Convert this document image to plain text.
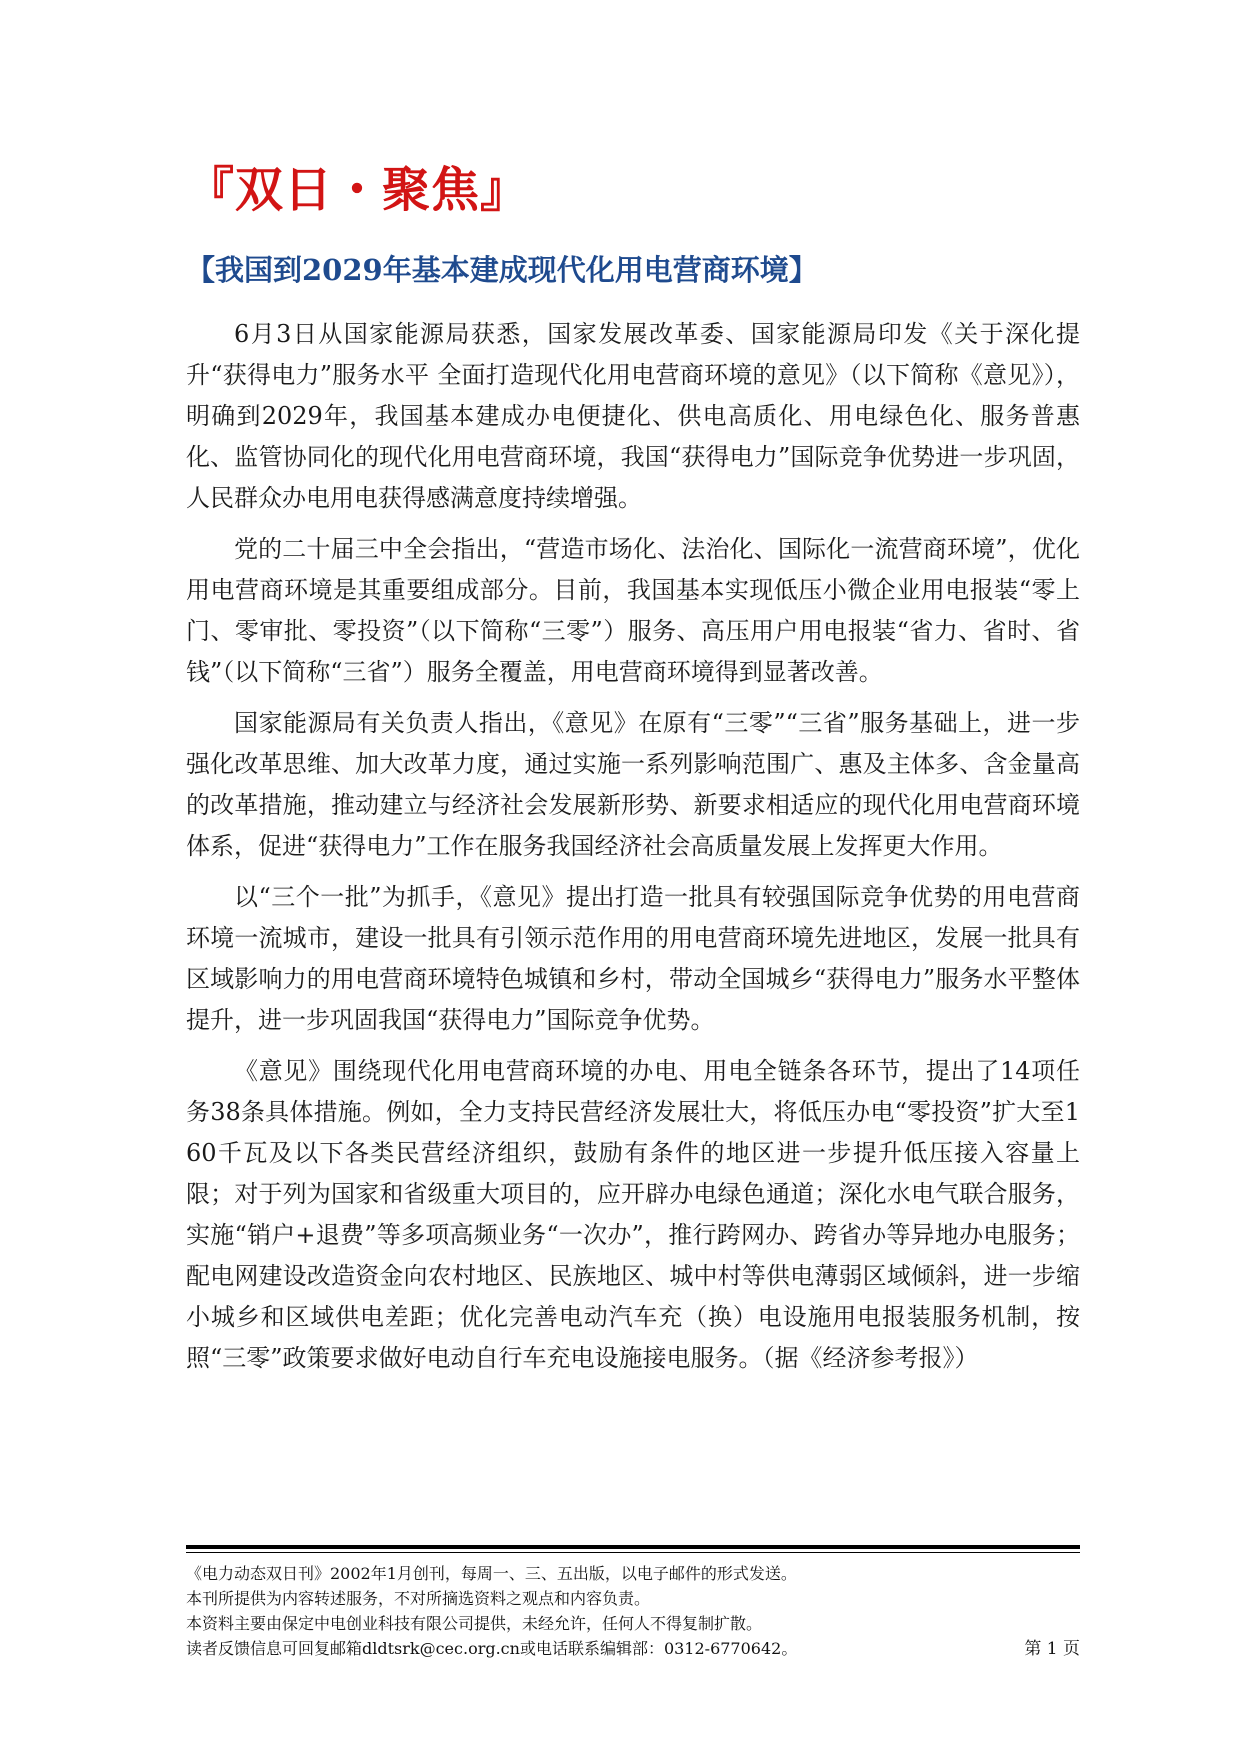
『双日・聚焦』
【我国到2029年基本建成现代化用电营商环境】

6月3日从国家能源局获悉，国家发展改革委、国家能源局印发《关于深化提升“获得电力”服务水平 全面打造现代化用电营商环境的意见》（以下简称《意见》），明确到2029年，我国基本建成办电便捷化、供电高质化、用电绿色化、服务普惠化、监管协同化的现代化用电营商环境，我国“获得电力”国际竞争优势进一步巩固，人民群众办电用电获得感满意度持续增强。

党的二十届三中全会指出，“营造市场化、法治化、国际化一流营商环境”，优化用电营商环境是其重要组成部分。目前，我国基本实现低压小微企业用电报装“零上门、零审批、零投资”（以下简称“三零”）服务、高压用户用电报装“省力、省时、省钱”（以下简称“三省”）服务全覆盖，用电营商环境得到显著改善。

国家能源局有关负责人指出，《意见》在原有“三零”“三省”服务基础上，进一步强化改革思维、加大改革力度，通过实施一系列影响范围广、惠及主体多、含金量高的改革措施，推动建立与经济社会发展新形势、新要求相适应的现代化用电营商环境体系，促进“获得电力”工作在服务我国经济社会高质量发展上发挥更大作用。

以“三个一批”为抓手，《意见》提出打造一批具有较强国际竞争优势的用电营商环境一流城市，建设一批具有引领示范作用的用电营商环境先进地区，发展一批具有区域影响力的用电营商环境特色城镇和乡村，带动全国城乡“获得电力”服务水平整体提升，进一步巩固我国“获得电力”国际竞争优势。

《意见》围绕现代化用电营商环境的办电、用电全链条各环节，提出了14项任务38条具体措施。例如，全力支持民营经济发展壮大，将低压办电“零投资”扩大至160千瓦及以下各类民营经济组织，鼓励有条件的地区进一步提升低压接入容量上限；对于列为国家和省级重大项目的，应开辟办电绿色通道；深化水电气联合服务，实施“销户+退费”等多项高频业务“一次办”，推行跨网办、跨省办等异地办电服务；配电网建设改造资金向农村地区、民族地区、城中村等供电薄弱区域倾斜，进一步缩小城乡和区域供电差距；优化完善电动汽车充（换）电设施用电报装服务机制，按照“三零”政策要求做好电动自行车充电设施接电服务。（据《经济参考报》）

《电力动态双日刊》2002年1月创刊，每周一、三、五出版，以电子邮件的形式发送。
本刊所提供为内容转述服务，不对所摘选资料之观点和内容负责。
本资料主要由保定中电创业科技有限公司提供，未经允许，任何人不得复制扩散。
读者反馈信息可回复邮箱dldtsrk@cec.org.cn或电话联系编辑部：0312-6770642。	第 1 页
